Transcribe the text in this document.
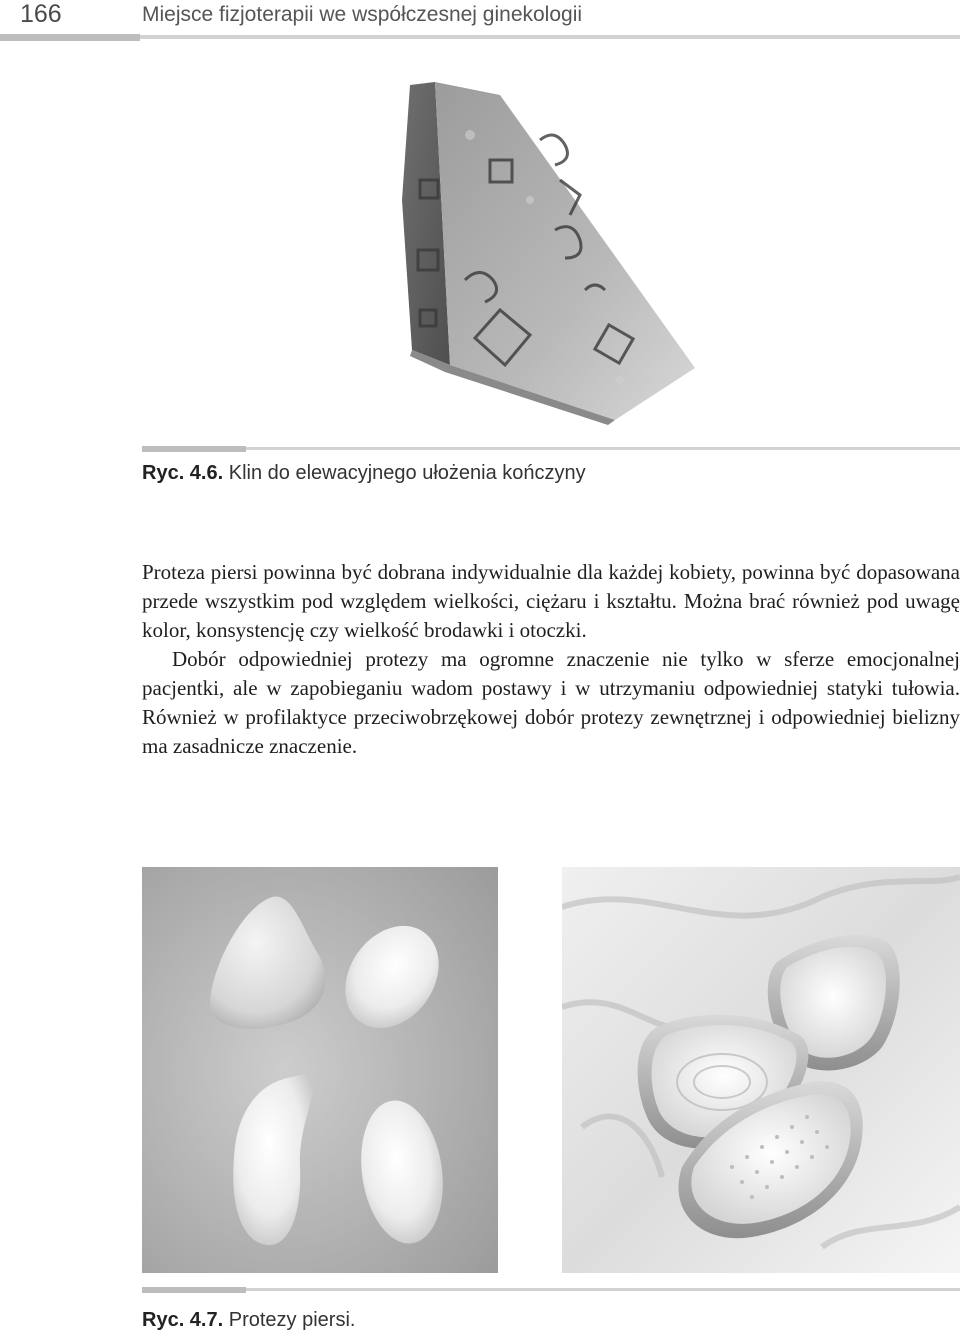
166	Miejsce fizjoterapii we współczesnej ginekologii
Ryc. 4.6. Klin do elewacyjnego ułożenia kończyny

Proteza piersi powinna być dobrana indywidualnie dla każdej kobiety, powinna być dopasowana przede wszystkim pod względem wielkości, ciężaru i kształtu. Można brać również pod uwagę kolor, konsystencję czy wielkość brodawki i otoczki.

Dobór odpowiedniej protezy ma ogromne znaczenie nie tylko w sferze emocjonalnej pacjentki, ale w zapobieganiu wadom postawy i w utrzymaniu odpowiedniej statyki tułowia. Również w profilaktyce przeciwobrzękowej dobór protezy zewnętrznej i odpowiedniej bielizny ma zasadnicze znaczenie.

Ryc. 4.7. Protezy piersi.
